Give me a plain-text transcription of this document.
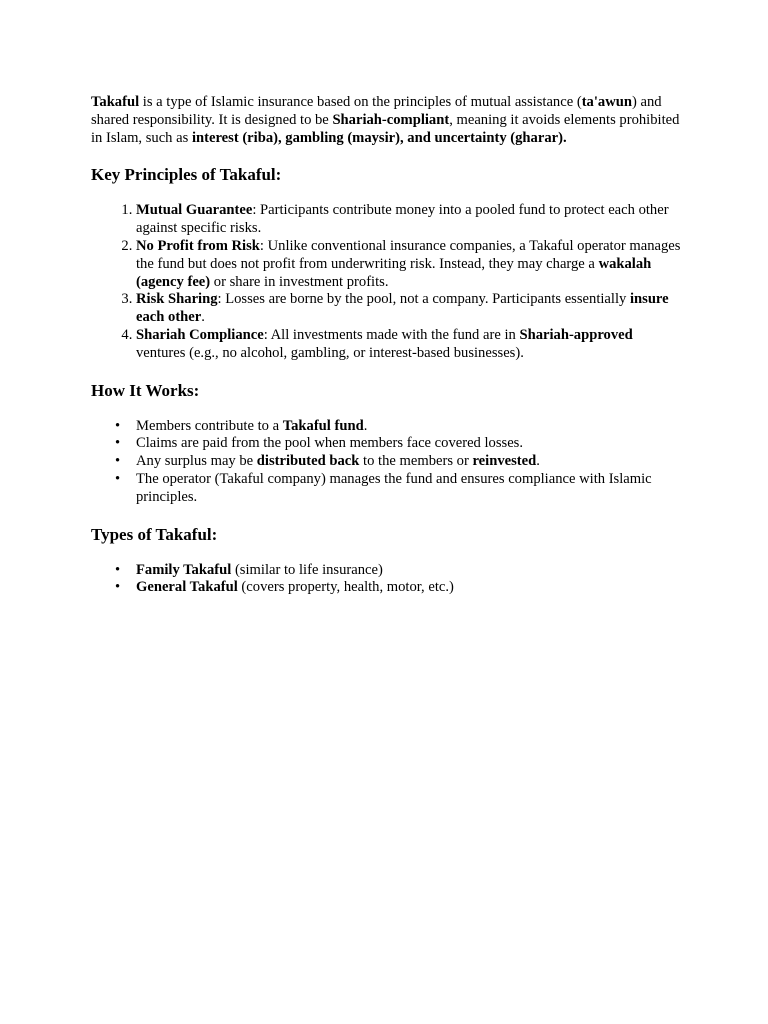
Takaful is a type of Islamic insurance based on the principles of mutual assistance (ta'awun) and shared responsibility. It is designed to be Shariah-compliant, meaning it avoids elements prohibited in Islam, such as interest (riba), gambling (maysir), and uncertainty (gharar).

Key Principles of Takaful:
1. Mutual Guarantee: Participants contribute money into a pooled fund to protect each other against specific risks.
2. No Profit from Risk: Unlike conventional insurance companies, a Takaful operator manages the fund but does not profit from underwriting risk. Instead, they may charge a wakalah (agency fee) or share in investment profits.
3. Risk Sharing: Losses are borne by the pool, not a company. Participants essentially insure each other.
4. Shariah Compliance: All investments made with the fund are in Shariah-approved ventures (e.g., no alcohol, gambling, or interest-based businesses).
How It Works:
• Members contribute to a Takaful fund.
• Claims are paid from the pool when members face covered losses.
• Any surplus may be distributed back to the members or reinvested.
• The operator (Takaful company) manages the fund and ensures compliance with Islamic principles.
Types of Takaful:
• Family Takaful (similar to life insurance)
• General Takaful (covers property, health, motor, etc.)
